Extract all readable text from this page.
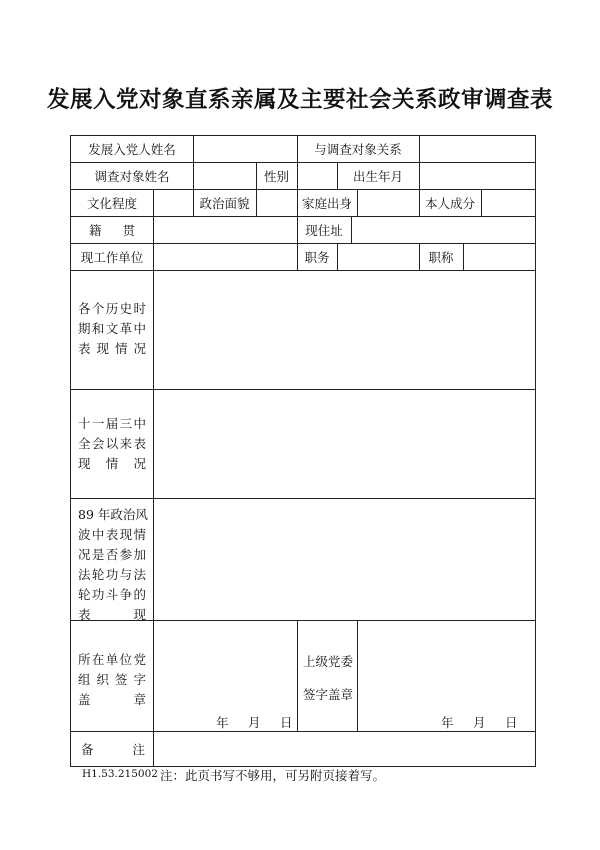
发展入党对象直系亲属及主要社会关系政审调查表
发展入党人姓名	与调查对象关系
调查对象姓名	性别	出生年月
文化程度	政治面貌	家庭出身	本人成分
籍 贯	现住址
现工作单位	职务	职称
各个历史时
期和文革中
表现情况
十一届三中
全会以来表
现 情 况
89 年政治风
波中表现情
况是否参加
法轮功与法
轮功斗争的
表 现
所在单位党
组织签字
盖 章
年	月	日
上级党委
签字盖章
年	月	日
备	注
H1.53.215002 注：此页书写不够用，可另附页接着写。
